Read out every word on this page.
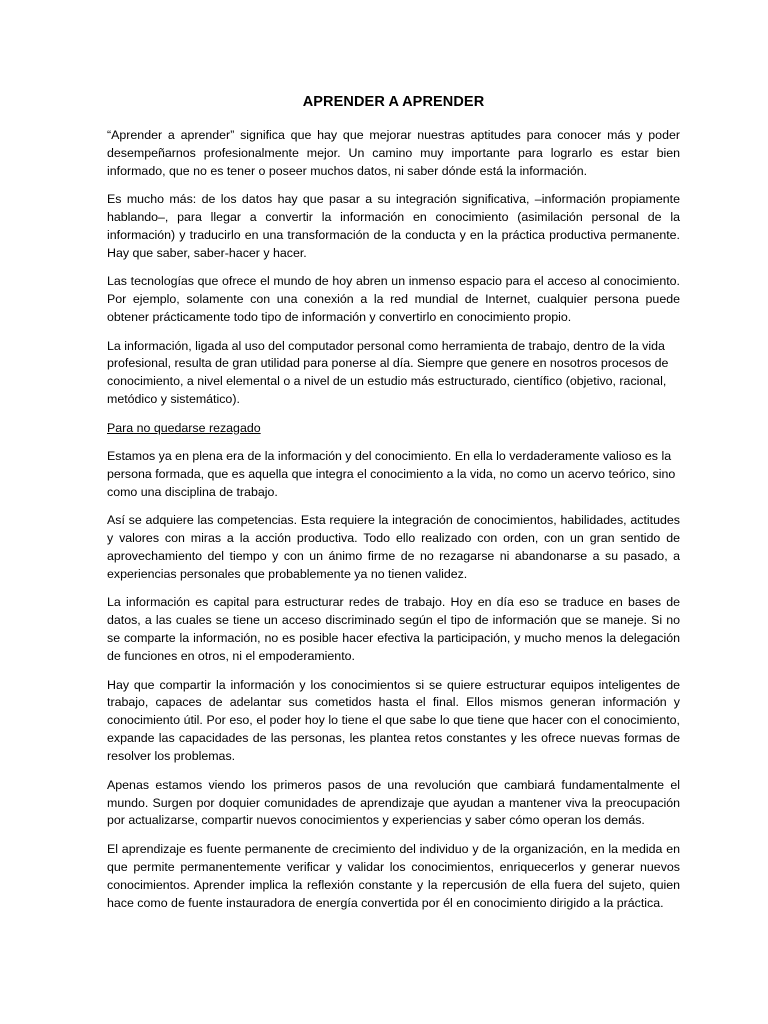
APRENDER A APRENDER

“Aprender a aprender” significa que hay que mejorar nuestras aptitudes para conocer más y poder desempeñarnos profesionalmente mejor. Un camino muy importante para lograrlo es estar bien informado, que no es tener o poseer muchos datos, ni saber dónde está la información.

Es mucho más: de los datos hay que pasar a su integración significativa, –información propiamente hablando–, para llegar a convertir la información en conocimiento (asimilación personal de la información) y traducirlo en una transformación de la conducta y en la práctica productiva permanente. Hay que saber, saber-hacer y hacer.

Las tecnologías que ofrece el mundo de hoy abren un inmenso espacio para el acceso al conocimiento. Por ejemplo, solamente con una conexión a la red mundial de Internet, cualquier persona puede obtener prácticamente todo tipo de información y convertirlo en conocimiento propio.

La información, ligada al uso del computador personal como herramienta de trabajo, dentro de la vida profesional, resulta de gran utilidad para ponerse al día. Siempre que genere en nosotros procesos de conocimiento, a nivel elemental o a nivel de un estudio más estructurado, científico (objetivo, racional, metódico y sistemático).

Para no quedarse rezagado

Estamos ya en plena era de la información y del conocimiento. En ella lo verdaderamente valioso es la persona formada, que es aquella que integra el conocimiento a la vida, no como un acervo teórico, sino como una disciplina de trabajo.

Así se adquiere las competencias. Esta requiere la integración de conocimientos, habilidades, actitudes y valores con miras a la acción productiva. Todo ello realizado con orden, con un gran sentido de aprovechamiento del tiempo y con un ánimo firme de no rezagarse ni abandonarse a su pasado, a experiencias personales que probablemente ya no tienen validez.

La información es capital para estructurar redes de trabajo. Hoy en día eso se traduce en bases de datos, a las cuales se tiene un acceso discriminado según el tipo de información que se maneje. Si no se comparte la información, no es posible hacer efectiva la participación, y mucho menos la delegación de funciones en otros, ni el empoderamiento.

Hay que compartir la información y los conocimientos si se quiere estructurar equipos inteligentes de trabajo, capaces de adelantar sus cometidos hasta el final. Ellos mismos generan información y conocimiento útil. Por eso, el poder hoy lo tiene el que sabe lo que tiene que hacer con el conocimiento, expande las capacidades de las personas, les plantea retos constantes y les ofrece nuevas formas de resolver los problemas.

Apenas estamos viendo los primeros pasos de una revolución que cambiará fundamentalmente el mundo. Surgen por doquier comunidades de aprendizaje que ayudan a mantener viva la preocupación por actualizarse, compartir nuevos conocimientos y experiencias y saber cómo operan los demás.

El aprendizaje es fuente permanente de crecimiento del individuo y de la organización, en la medida en que permite permanentemente verificar y validar los conocimientos, enriquecerlos y generar nuevos conocimientos. Aprender implica la reflexión constante y la repercusión de ella fuera del sujeto, quien hace como de fuente instauradora de energía convertida por él en conocimiento dirigido a la práctica.
